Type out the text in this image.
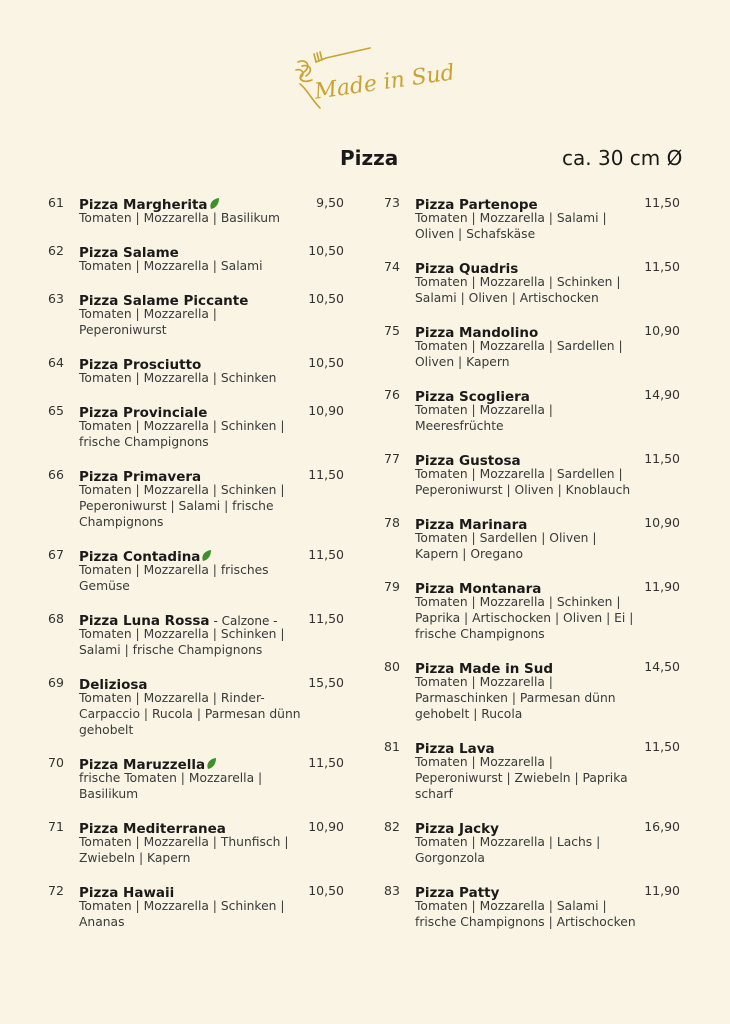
Made in Sud
Pizza	ca. 30 cm Ø
61 Pizza Margherita	9,50
Tomaten | Mozzarella | Basilikum
62 Pizza Salame	10,50
Tomaten | Mozzarella | Salami
63 Pizza Salame Piccante	10,50
Tomaten | Mozzarella | Peperoniwurst
64 Pizza Prosciutto	10,50
Tomaten | Mozzarella | Schinken
65 Pizza Provinciale	10,90
Tomaten | Mozzarella | Schinken | frische Champignons
66 Pizza Primavera	11,50
Tomaten | Mozzarella | Schinken | Peperoniwurst | Salami | frische Champignons
67 Pizza Contadina	11,50
Tomaten | Mozzarella | frisches Gemüse
68 Pizza Luna Rossa - Calzone - 11,50
Tomaten | Mozzarella | Schinken | Salami | frische Champignons
69 Deliziosa	15,50
Tomaten | Mozzarella | Rinder-Carpaccio | Rucola | Parmesan dünn gehobelt
70 Pizza Maruzzella	11,50
frische Tomaten | Mozzarella | Basilikum
71 Pizza Mediterranea	10,90
Tomaten | Mozzarella | Thunfisch | Zwiebeln | Kapern
72 Pizza Hawaii	10,50
Tomaten | Mozzarella | Schinken | Ananas
73 Pizza Partenope	11,50
Tomaten | Mozzarella | Salami | Oliven | Schafskäse
74 Pizza Quadris	11,50
Tomaten | Mozzarella | Schinken | Salami | Oliven | Artischocken
75 Pizza Mandolino	10,90
Tomaten | Mozzarella | Sardellen | Oliven | Kapern
76 Pizza Scogliera	14,90
Tomaten | Mozzarella | Meeresfrüchte
77 Pizza Gustosa	11,50
Tomaten | Mozzarella | Sardellen | Peperoniwurst | Oliven | Knoblauch
78 Pizza Marinara	10,90
Tomaten | Sardellen | Oliven | Kapern | Oregano
79 Pizza Montanara	11,90
Tomaten | Mozzarella | Schinken | Paprika | Artischocken | Oliven | Ei | frische Champignons
80 Pizza Made in Sud	14,50
Tomaten | Mozzarella | Parmaschinken | Parmesan dünn gehobelt | Rucola
81 Pizza Lava	11,50
Tomaten | Mozzarella | Peperoniwurst | Zwiebeln | Paprika scharf
82 Pizza Jacky	16,90
Tomaten | Mozzarella | Lachs | Gorgonzola
83 Pizza Patty	11,90
Tomaten | Mozzarella | Salami | frische Champignons | Artischocken
